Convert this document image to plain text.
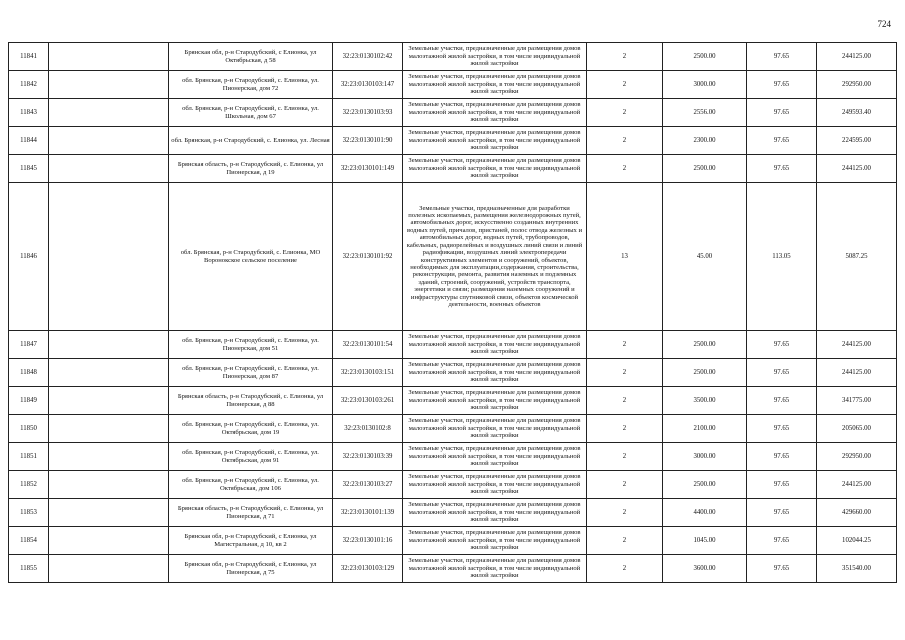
724
11841		Брянская обл, р-н Стародубский, с Елионка, ул Октябрьская, д 58	32:23:0130102:42	Земельные участки, предназначенные для размещения домов малоэтажной жилой застройки, в том числе индивидуальной жилой застройки	2	2500.00	97.65	244125.00
11842		обл. Брянская, р-н Стародубский, с. Елионка, ул. Пионерская, дом 72	32:23:0130103:147	Земельные участки, предназначенные для размещения домов малоэтажной жилой застройки, в том числе индивидуальной жилой застройки	2	3000.00	97.65	292950.00
11843		обл. Брянская, р-н Стародубский, с. Елионка, ул. Школьная, дом 67	32:23:0130103:93	Земельные участки, предназначенные для размещения домов малоэтажной жилой застройки, в том числе индивидуальной жилой застройки	2	2556.00	97.65	249593.40
11844		обл. Брянская, р-н Стародубский, с. Елионка, ул. Лесная	32:23:0130101:90	Земельные участки, предназначенные для размещения домов малоэтажной жилой застройки, в том числе индивидуальной жилой застройки	2	2300.00	97.65	224595.00
11845		Брянская область, р-н Стародубский, с. Елионка, ул Пионерская, д 19	32:23:0130101:149	Земельные участки, предназначенные для размещения домов малоэтажной жилой застройки, в том числе индивидуальной жилой застройки	2	2500.00	97.65	244125.00
11846		обл. Брянская, р-н Стародубский, с. Елионка, МО Воронокское сельское поселение	32:23:0130101:92	Земельные участки, предназначенные для разработки полезных ископаемых, размещения железнодорожных путей, автомобильных дорог, искусственно созданных внутренних водных путей, причалов, пристаней, полос отвода железных и автомобильных дорог, водных путей, трубопроводов, кабельных, радиорелейных и воздушных линий связи и линий радиофикации, воздушных линий электропередачи конструктивных элементов и сооружений, объектов, необходимых для эксплуатации,содержания, строительства, реконструкции, ремонта, развития наземных и подземных зданий, строений, сооружений, устройств транспорта, энергетики и связи; размещения наземных сооружений и инфраструктуры спутниковой связи, объектов космической деятельности, военных объектов	13	45.00	113.05	5087.25
11847		обл. Брянская, р-н Стародубский, с. Елионка, ул. Пионерская, дом 51	32:23:0130101:54	Земельные участки, предназначенные для размещения домов малоэтажной жилой застройки, в том числе индивидуальной жилой застройки	2	2500.00	97.65	244125.00
11848		обл. Брянская, р-н Стародубский, с. Елионка, ул. Пионерская, дом 87	32:23:0130103:151	Земельные участки, предназначенные для размещения домов малоэтажной жилой застройки, в том числе индивидуальной жилой застройки	2	2500.00	97.65	244125.00
11849		Брянская область, р-н Стародубский, с. Елионка, ул Пионерская, д 88	32:23:0130103:261	Земельные участки, предназначенные для размещения домов малоэтажной жилой застройки, в том числе индивидуальной жилой застройки	2	3500.00	97.65	341775.00
11850		обл. Брянская, р-н Стародубский, с. Елионка, ул. Октябрьская, дом 19	32:23:0130102:8	Земельные участки, предназначенные для размещения домов малоэтажной жилой застройки, в том числе индивидуальной жилой застройки	2	2100.00	97.65	205065.00
11851		обл. Брянская, р-н Стародубский, с. Елионка, ул. Октябрьская, дом 91	32:23:0130103:39	Земельные участки, предназначенные для размещения домов малоэтажной жилой застройки, в том числе индивидуальной жилой застройки	2	3000.00	97.65	292950.00
11852		обл. Брянская, р-н Стародубский, с. Елионка, ул. Октябрьская, дом 106	32:23:0130103:27	Земельные участки, предназначенные для размещения домов малоэтажной жилой застройки, в том числе индивидуальной жилой застройки	2	2500.00	97.65	244125.00
11853		Брянская область, р-н Стародубский, с. Елионка, ул Пионерская, д 71	32:23:0130101:139	Земельные участки, предназначенные для размещения домов малоэтажной жилой застройки, в том числе индивидуальной жилой застройки	2	4400.00	97.65	429660.00
11854		Брянская обл, р-н Стародубский, с Елионка, ул Магистральная, д 10, кв 2	32:23:0130101:16	Земельные участки, предназначенные для размещения домов малоэтажной жилой застройки, в том числе индивидуальной жилой застройки	2	1045.00	97.65	102044.25
11855		Брянская обл, р-н Стародубский, с Елионка, ул Пионерская, д 75	32:23:0130103:129	Земельные участки, предназначенные для размещения домов малоэтажной жилой застройки, в том числе индивидуальной жилой застройки	2	3600.00	97.65	351540.00
